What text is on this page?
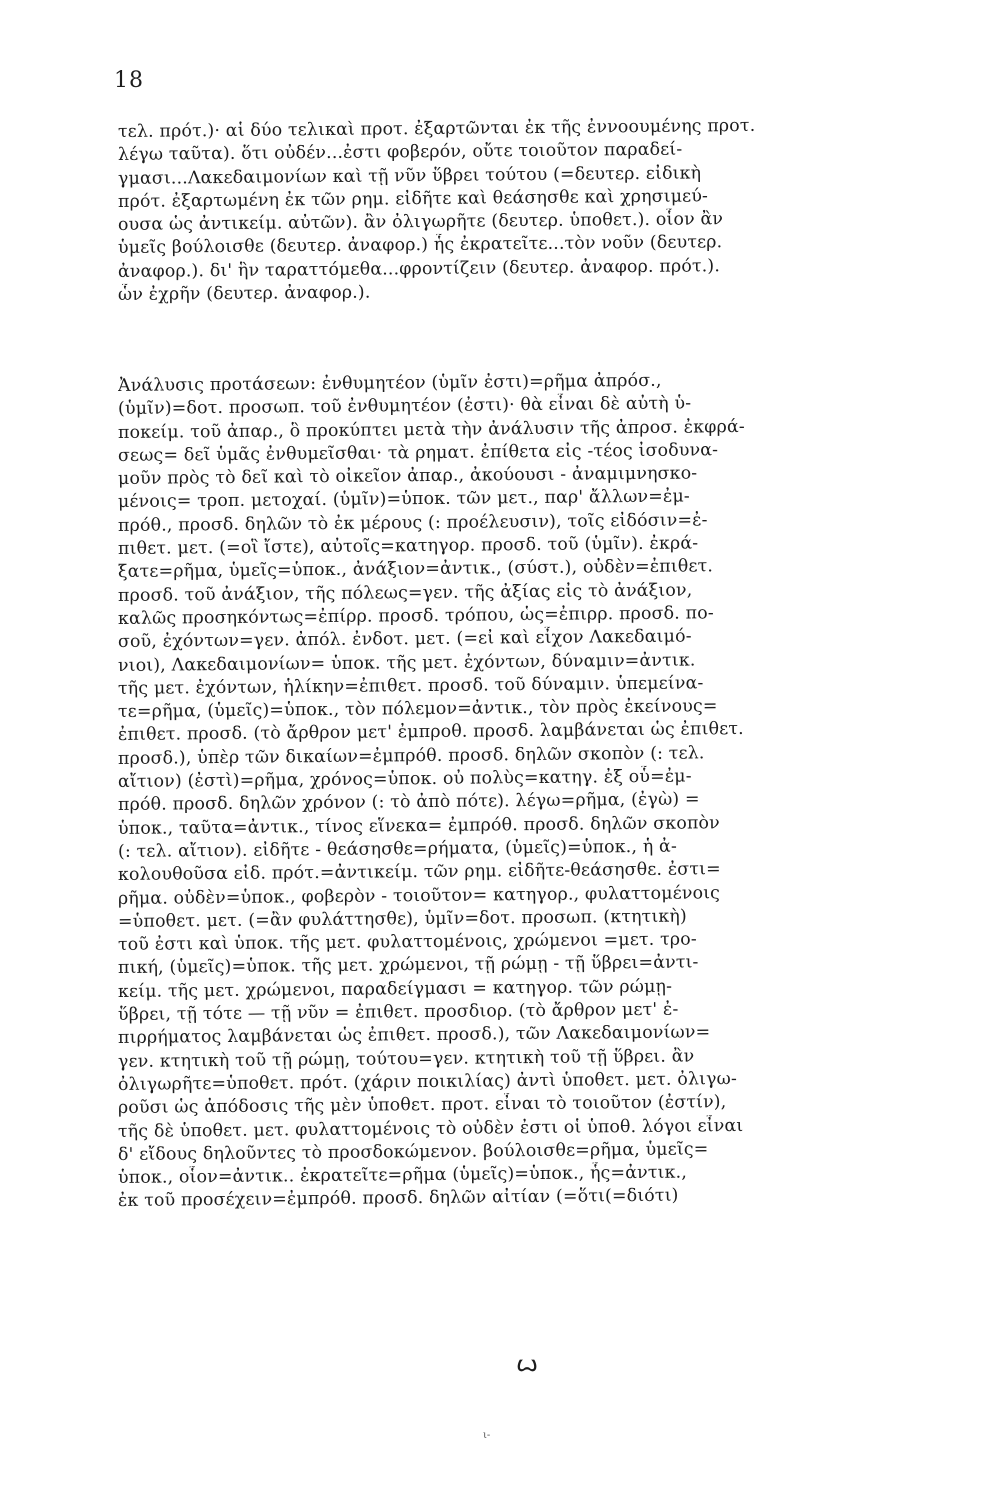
18
τελ. πρότ.)· αἱ δύο τελικαὶ προτ. ἐξαρτῶνται ἐκ τῆς ἐννοουμένης προτ.
λέγω ταῦτα). ὅτι οὐδέν...ἐστι φοβερόν, οὔτε τοιοῦτον παραδεί-
γμασι...Λακεδαιμονίων καὶ τῇ νῦν ὕβρει τούτου (=δευτερ. εἰδικὴ
πρότ. ἐξαρτωμένη ἐκ τῶν ρημ. εἰδῆτε καὶ θεάσησθε καὶ χρησιμεύ-
ουσα ὡς ἀντικείμ. αὐτῶν). ἂν ὀλιγωρῆτε (δευτερ. ὑποθετ.). οἷον ἂν
ὑμεῖς βούλοισθε (δευτερ. ἀναφορ.) ἧς ἐκρατεῖτε...τὸν νοῦν (δευτερ.
ἀναφορ.). δι' ἣν ταραττόμεθα...φροντίζειν (δευτερ. ἀναφορ. πρότ.).
ὧν ἐχρῆν (δευτερ. ἀναφορ.).
Ἀνάλυσις προτάσεων: ἐνθυμητέον (ὑμῖν ἐστι)=ρῆμα ἀπρόσ.,
(ὑμῖν)=δοτ. προσωπ. τοῦ ἐνθυμητέον (ἐστι)· θὰ εἶναι δὲ αὐτὴ ὑ-
ποκείμ. τοῦ ἀπαρ., ὃ προκύπτει μετὰ τὴν ἀνάλυσιν τῆς ἀπροσ. ἐκφρά-
σεως= δεῖ ὑμᾶς ἐνθυμεῖσθαι· τὰ ρηματ. ἐπίθετα εἰς -τέος ἰσοδυνα-
μοῦν πρὸς τὸ δεῖ καὶ τὸ οἰκεῖον ἀπαρ., ἀκούουσι - ἀναμιμνησκο-
μένοις= τροπ. μετοχαί. (ὑμῖν)=ὑποκ. τῶν μετ., παρ' ἄλλων=ἐμ-
πρόθ., προσδ. δηλῶν τὸ ἐκ μέρους (: προέλευσιν), τοῖς εἰδόσιν=ἐ-
πιθετ. μετ. (=οἳ ἴστε), αὐτοῖς=κατηγορ. προσδ. τοῦ (ὑμῖν). ἐκρά-
ξατε=ρῆμα, ὑμεῖς=ὑποκ., ἀνάξιον=ἀντικ., (σύστ.), οὐδὲν=ἐπιθετ.
προσδ. τοῦ ἀνάξιον, τῆς πόλεως=γεν. τῆς ἀξίας εἰς τὸ ἀνάξιον,
καλῶς προσηκόντως=ἐπίρρ. προσδ. τρόπου, ὡς=ἐπιρρ. προσδ. πο-
σοῦ, ἐχόντων=γεν. ἀπόλ. ἐνδοτ. μετ. (=εἰ καὶ εἶχον Λακεδαιμό-
νιοι), Λακεδαιμονίων= ὑποκ. τῆς μετ. ἐχόντων, δύναμιν=ἀντικ.
τῆς μετ. ἐχόντων, ἡλίκην=ἐπιθετ. προσδ. τοῦ δύναμιν. ὑπεμείνα-
τε=ρῆμα, (ὑμεῖς)=ὑποκ., τὸν πόλεμον=ἀντικ., τὸν πρὸς ἐκείνους=
ἐπιθετ. προσδ. (τὸ ἄρθρον μετ' ἐμπροθ. προσδ. λαμβάνεται ὡς ἐπιθετ.
προσδ.), ὑπὲρ τῶν δικαίων=ἐμπρόθ. προσδ. δηλῶν σκοπὸν (: τελ.
αἴτιον) (ἐστὶ)=ρῆμα, χρόνος=ὑποκ. οὐ πολὺς=κατηγ. ἐξ οὗ=ἐμ-
πρόθ. προσδ. δηλῶν χρόνον (: τὸ ἀπὸ πότε). λέγω=ρῆμα, (ἐγὼ) =
ὑποκ., ταῦτα=ἀντικ., τίνος εἵνεκα= ἐμπρόθ. προσδ. δηλῶν σκοπὸν
(: τελ. αἴτιον). εἰδῆτε - θεάσησθε=ρήματα, (ὑμεῖς)=ὑποκ., ἡ ἀ-
κολουθοῦσα εἰδ. πρότ.=ἀντικείμ. τῶν ρημ. εἰδῆτε-θεάσησθε. ἐστι=
ρῆμα. οὐδὲν=ὑποκ., φοβερὸν - τοιοῦτον= κατηγορ., φυλαττομένοις
=ὑποθετ. μετ. (=ἂν φυλάττησθε), ὑμῖν=δοτ. προσωπ. (κτητικὴ)
τοῦ ἐστι καὶ ὑποκ. τῆς μετ. φυλαττομένοις, χρώμενοι =μετ. τρο-
πική, (ὑμεῖς)=ὑποκ. τῆς μετ. χρώμενοι, τῇ ρώμῃ - τῇ ὕβρει=ἀντι-
κείμ. τῆς μετ. χρώμενοι, παραδείγμασι = κατηγορ. τῶν ρώμῃ-
ὕβρει, τῇ τότε — τῇ νῦν = ἐπιθετ. προσδιορ. (τὸ ἄρθρον μετ' ἐ-
πιρρήματος λαμβάνεται ὡς ἐπιθετ. προσδ.), τῶν Λακεδαιμονίων=
γεν. κτητικὴ τοῦ τῇ ρώμῃ, τούτου=γεν. κτητικὴ τοῦ τῇ ὕβρει. ἂν
ὀλιγωρῆτε=ὑποθετ. πρότ. (χάριν ποικιλίας) ἀντὶ ὑποθετ. μετ. ὀλιγω-
ροῦσι ὡς ἀπόδοσις τῆς μὲν ὑποθετ. προτ. εἶναι τὸ τοιοῦτον (ἐστίν),
τῆς δὲ ὑποθετ. μετ. φυλαττομένοις τὸ οὐδὲν ἐστι οἱ ὑποθ. λόγοι εἶναι
δ' εἴδους δηλοῦντες τὸ προσδοκώμενον. βούλοισθε=ρῆμα, ὑμεῖς=
ὑποκ., οἷον=ἀντικ.. ἐκρατεῖτε=ρῆμα (ὑμεῖς)=ὑποκ., ἧς=ἀντικ.,
ἐκ τοῦ προσέχειν=ἐμπρόθ. προσδ. δηλῶν αἰτίαν (=ὅτι(=διότι)
Ꙍ
ι-
